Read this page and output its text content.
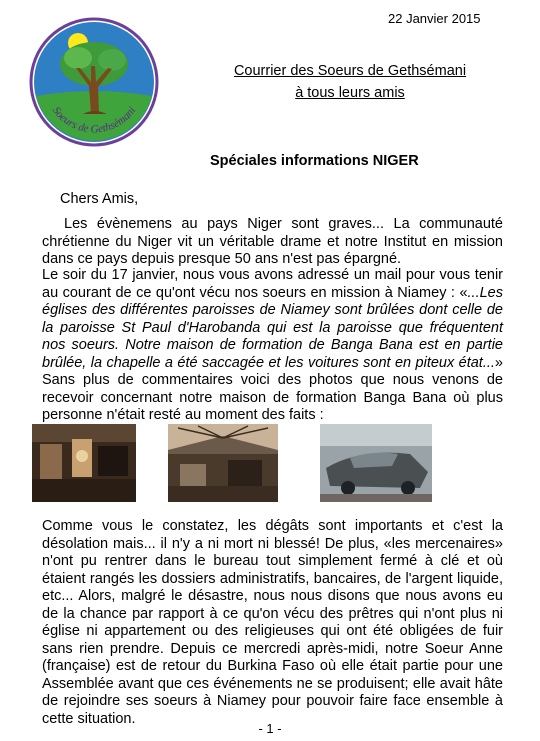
22 Janvier 2015
Soeurs de Gethsémani
Courrier des Soeurs de Gethsémani
à tous leurs amis
Spéciales informations NIGER
Chers Amis,
Les évènemens au pays Niger sont graves... La communauté chrétienne du Niger vit un véritable drame et notre Institut en mission dans ce pays depuis presque 50 ans n'est pas épargné.
Le soir du 17 janvier, nous vous avons adressé un mail pour vous tenir au courant de ce qu'ont vécu nos soeurs en mission à Niamey : «...Les églises des différentes paroisses de Niamey sont brûlées dont celle de la paroisse St Paul d'Harobanda qui est la paroisse que fréquentent nos soeurs. Notre maison de formation de Banga Bana est en partie brûlée, la chapelle a été saccagée et les voitures sont en piteux état...» Sans plus de commentaires voici des photos que nous venons de recevoir concernant notre maison de formation Banga Bana où plus personne n'était resté au moment des faits :
Comme vous le constatez, les dégâts sont importants et c'est la désolation mais... il n'y a ni mort ni blessé! De plus, «les mercenaires» n'ont pu rentrer dans le bureau tout simplement fermé à clé et où étaient rangés les dossiers administratifs, bancaires, de l'argent liquide, etc... Alors, malgré le désastre, nous nous disons que nous avons eu de la chance par rapport à ce qu'on vécu des prêtres qui n'ont plus ni église ni appartement ou des religieuses qui ont été obligées de fuir sans rien prendre. Depuis ce mercredi après-midi, notre Soeur Anne (française) est de retour du Burkina Faso où elle était partie pour une Assemblée avant que ces événements ne se produisent; elle avait hâte de rejoindre ses soeurs à Niamey pour pouvoir faire face ensemble à cette situation.
- 1 -
